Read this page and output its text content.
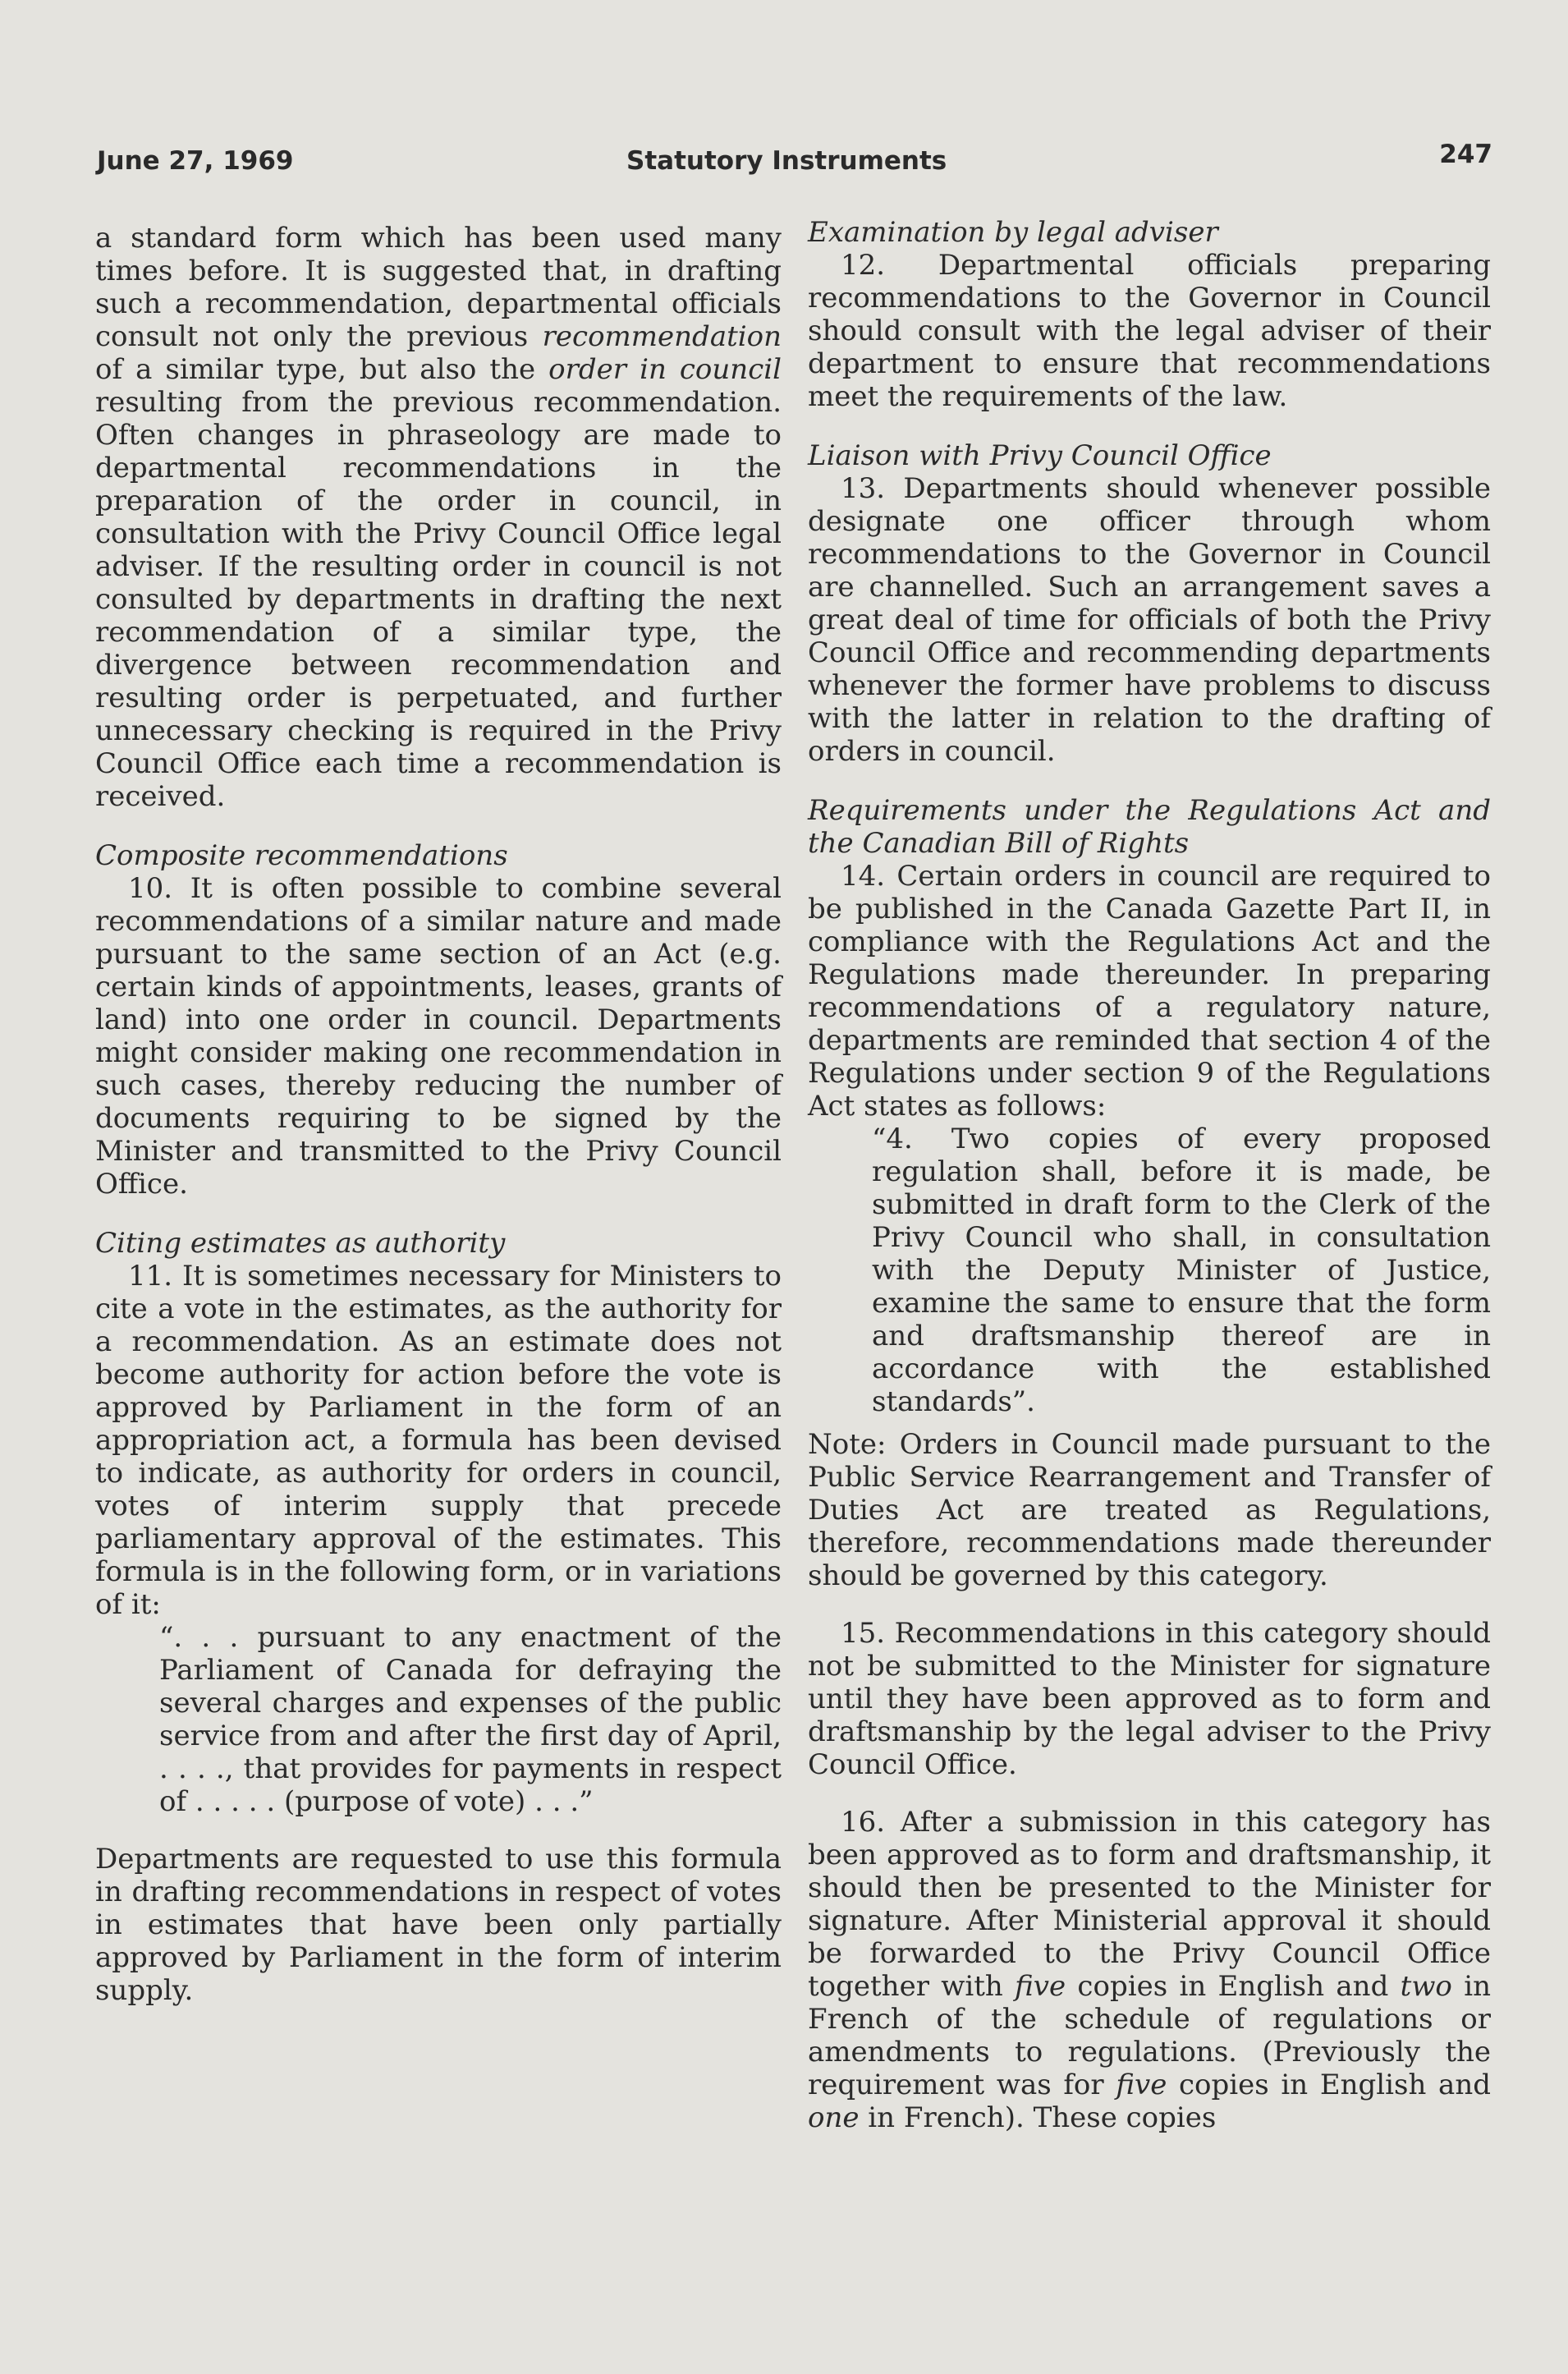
June 27, 1969	Statutory Instruments	247

a standard form which has been used many times before. It is suggested that, in drafting such a recommendation, departmental officials consult not only the previous recommendation of a similar type, but also the order in council resulting from the previous recommendation. Often changes in phraseology are made to departmental recommendations in the preparation of the order in council, in consultation with the Privy Council Office legal adviser. If the resulting order in council is not consulted by departments in drafting the next recommendation of a similar type, the divergence between recommendation and resulting order is perpetuated, and further unnecessary checking is required in the Privy Council Office each time a recommendation is received.

Composite recommendations

10. It is often possible to combine several recommendations of a similar nature and made pursuant to the same section of an Act (e.g. certain kinds of appointments, leases, grants of land) into one order in council. Departments might consider making one recommendation in such cases, thereby reducing the number of documents requiring to be signed by the Minister and transmitted to the Privy Council Office.

Citing estimates as authority

11. It is sometimes necessary for Ministers to cite a vote in the estimates, as the authority for a recommendation. As an estimate does not become authority for action before the vote is approved by Parliament in the form of an appropriation act, a formula has been devised to indicate, as authority for orders in council, votes of interim supply that precede parliamentary approval of the estimates. This formula is in the following form, or in variations of it:

“. . . pursuant to any enactment of the Parliament of Canada for defraying the several charges and expenses of the public service from and after the first day of April, . . . ., that provides for payments in respect of . . . . . (purpose of vote) . . .”

Departments are requested to use this formula in drafting recommendations in respect of votes in estimates that have been only partially approved by Parliament in the form of interim supply.

Examination by legal adviser

12. Departmental officials preparing recommendations to the Governor in Council should consult with the legal adviser of their department to ensure that recommendations meet the requirements of the law.

Liaison with Privy Council Office

13. Departments should whenever possible designate one officer through whom recommendations to the Governor in Council are channelled. Such an arrangement saves a great deal of time for officials of both the Privy Council Office and recommending departments whenever the former have problems to discuss with the latter in relation to the drafting of orders in council.

Requirements under the Regulations Act and the Canadian Bill of Rights

14. Certain orders in council are required to be published in the Canada Gazette Part II, in compliance with the Regulations Act and the Regulations made thereunder. In preparing recommendations of a regulatory nature, departments are reminded that section 4 of the Regulations under section 9 of the Regulations Act states as follows:

“4. Two copies of every proposed regulation shall, before it is made, be submitted in draft form to the Clerk of the Privy Council who shall, in consultation with the Deputy Minister of Justice, examine the same to ensure that the form and draftsmanship thereof are in accordance with the established standards”.

Note: Orders in Council made pursuant to the Public Service Rearrangement and Transfer of Duties Act are treated as Regulations, therefore, recommendations made thereunder should be governed by this category.

15. Recommendations in this category should not be submitted to the Minister for signature until they have been approved as to form and draftsmanship by the legal adviser to the Privy Council Office.

16. After a submission in this category has been approved as to form and draftsmanship, it should then be presented to the Minister for signature. After Ministerial approval it should be forwarded to the Privy Council Office together with five copies in English and two in French of the schedule of regulations or amendments to regulations. (Previously the requirement was for five copies in English and one in French). These copies
